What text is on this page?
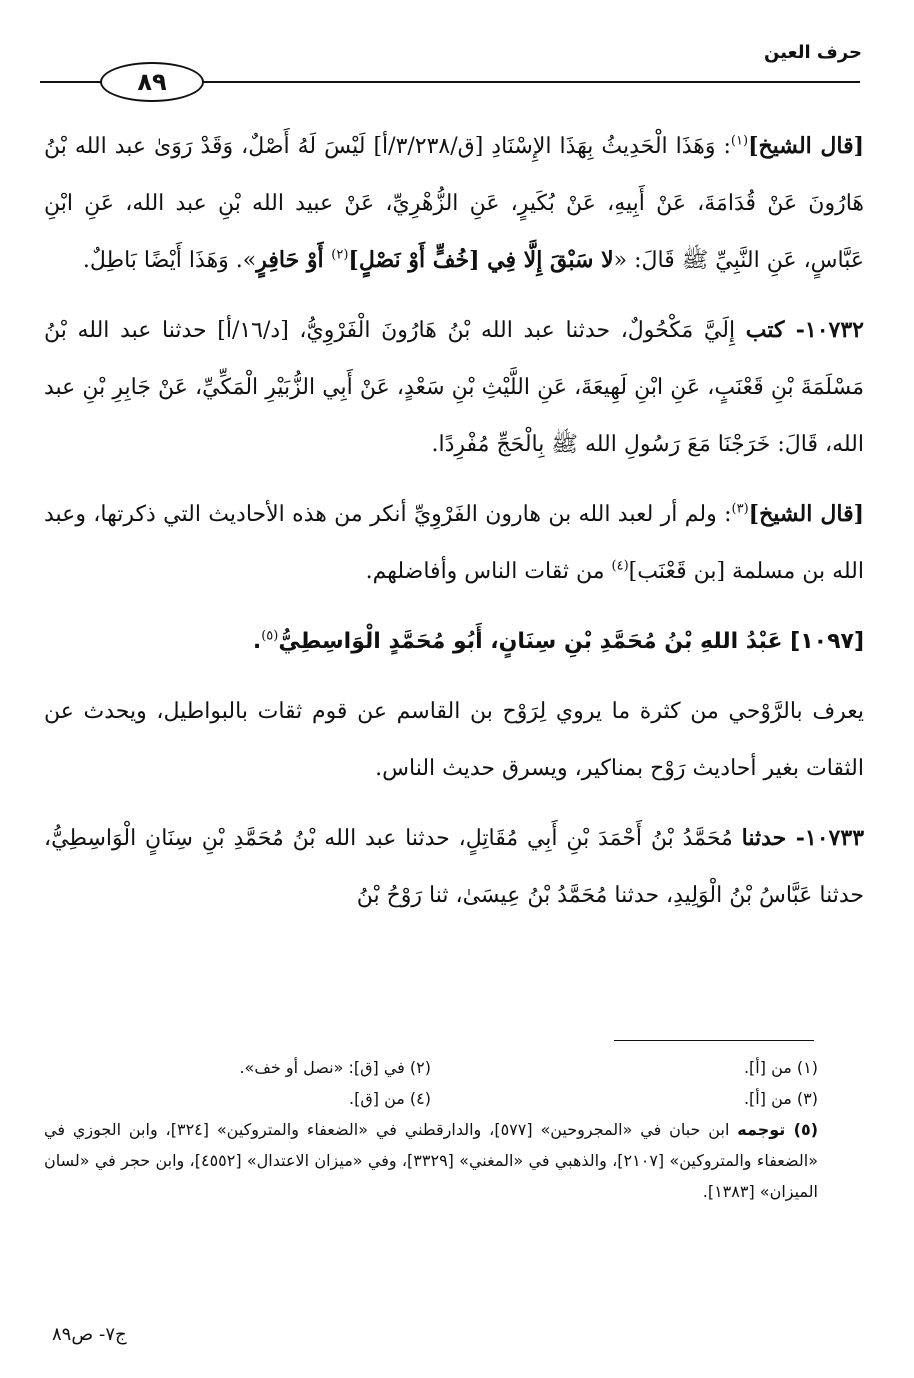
حرف العين
٨٩

[قال الشيخ]$^{(١)}$: وَهَذَا الْحَدِيثُ بِهَذَا الإِسْنَادِ [ق/٣/٢٣٨/أ] لَيْسَ لَهُ أَصْلٌ، وَقَدْ رَوَىٰ عبد الله بْنُ هَارُونَ عَنْ قُدَامَةَ، عَنْ أَبِيهِ، عَنْ بُكَيرٍ، عَنِ الزُّهْرِيِّ، عَنْ عبيد الله بْنِ عبد الله، عَنِ ابْنِ عَبَّاسٍ، عَنِ النَّبِيِّ ﷺ قَالَ: «لا سَبْقَ إِلَّا فِي [خُفٍّ أَوْ نَصْلٍ]$^{(٢)}$ أَوْ حَافِرٍ». وَهَذَا أَيْضًا بَاطِلٌ.

١٠٧٣٢- كتب إِلَيَّ مَكْحُولٌ، حدثنا عبد الله بْنُ هَارُونَ الْفَرْوِيُّ، [د/١٦/أ] حدثنا عبد الله بْنُ مَسْلَمَةَ بْنِ قَعْنَبٍ، عَنِ ابْنِ لَهِيعَةَ، عَنِ اللَّيْثِ بْنِ سَعْدٍ، عَنْ أَبِي الزُّبَيْرِ الْمَكِّيِّ، عَنْ جَابِرِ بْنِ عبد الله، قَالَ: خَرَجْنَا مَعَ رَسُولِ الله ﷺ بِالْحَجِّ مُفْرِدًا.

[قال الشيخ]$^{(٣)}$: ولم أر لعبد الله بن هارون الفَرْوِيِّ أنكر من هذه الأحاديث التي ذكرتها، وعبد الله بن مسلمة [بن قَعْنَب]$^{(٤)}$ من ثقات الناس وأفاضلهم.

[١٠٩٧] عَبْدُ اللهِ بْنُ مُحَمَّدِ بْنِ سِنَانٍ، أَبُو مُحَمَّدٍ الْوَاسِطِيُّ$^{(٥)}$.

يعرف بالرَّوْحي من كثرة ما يروي لِرَوْح بن القاسم عن قوم ثقات بالبواطيل، ويحدث عن الثقات بغير أحاديث رَوْح بمناكير، ويسرق حديث الناس.

١٠٧٣٣- حدثنا مُحَمَّدُ بْنُ أَحْمَدَ بْنِ أَبِي مُقَاتِلٍ، حدثنا عبد الله بْنُ مُحَمَّدِ بْنِ سِنَانٍ الْوَاسِطِيُّ، حدثنا عَبَّاسُ بْنُ الْوَلِيدِ، حدثنا مُحَمَّدُ بْنُ عِيسَىٰ، ثنا رَوْحُ بْنُ

(١) من [أ].
(٢) في [ق]: «نصل أو خف».
(٣) من [أ].
(٤) من [ق].
(٥) توجمه ابن حبان في «المجروحين» [٥٧٧]، والدارقطني في «الضعفاء والمتروكين» [٣٢٤]، وابن الجوزي في «الضعفاء والمتروكين» [٢١٠٧]، والذهبي في «المغني» [٣٣٢٩]، وفي «ميزان الاعتدال» [٤٥٥٢]، وابن حجر في «لسان الميزان» [١٣٨٣].
ج٧- ص٨٩
